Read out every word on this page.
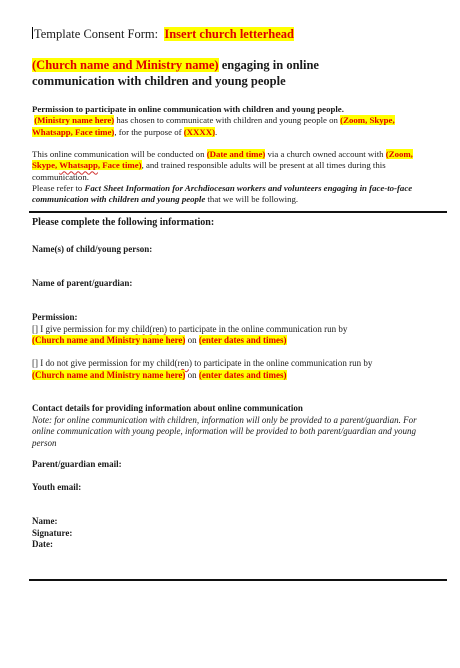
Template Consent Form: Insert church letterhead
(Church name and Ministry name) engaging in online
communication with children and young people
Permission to participate in online communication with children and young people.
(Ministry name here) has chosen to communicate with children and young people on (Zoom, Skype, Whatsapp, Face time), for the purpose of (XXXX).
This online communication will be conducted on (Date and time) via a church owned account with (Zoom, Skype, Whatsapp, Face time), and trained responsible adults will be present at all times during this communication.
Please refer to Fact Sheet Information for Archdiocesan workers and volunteers engaging in face-to-face communication with children and young people that we will be following.
Please complete the following information:
Name(s) of child/young person:
Name of parent/guardian:
Permission:
[] I give permission for my child(ren) to participate in the online communication run by
(Church name and Ministry name here) on (enter dates and times)
[] I do not give permission for my child(ren) to participate in the online communication run by
(Church name and Ministry name here) on (enter dates and times)
Contact details for providing information about online communication
Note: for online communication with children, information will only be provided to a parent/guardian. For online communication with young people, information will be provided to both parent/guardian and young person
Parent/guardian email:
Youth email:
Name:
Signature:
Date:
